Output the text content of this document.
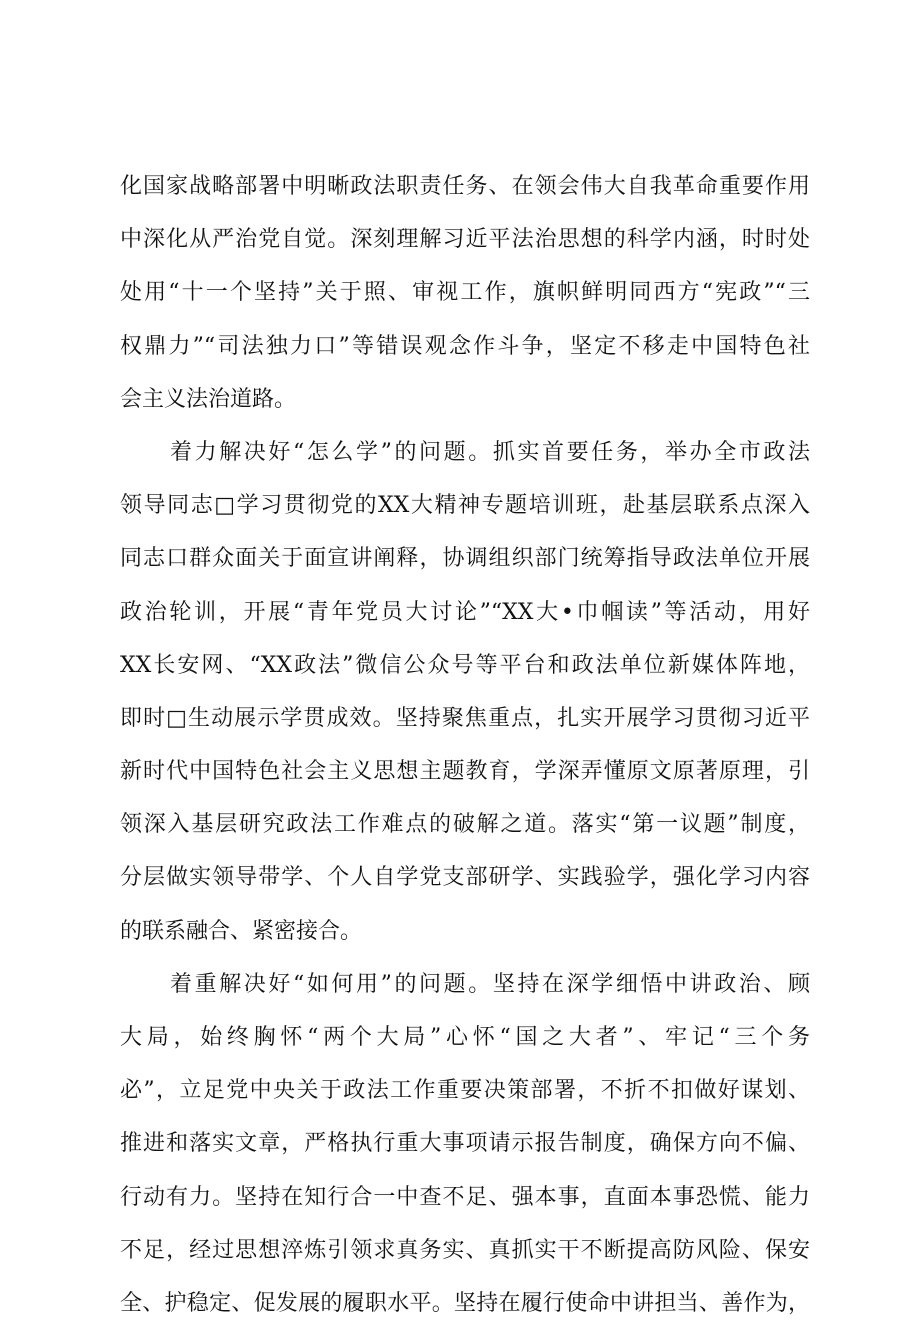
化国家战略部署中明晰政法职责任务、在领会伟大自我革命重要作用
中深化从严治党自觉。深刻理解习近平法治思想的科学内涵，时时处
处用“十一个坚持”关于照、审视工作，旗帜鲜明同西方“宪政”“三
权鼎力”“司法独力口”等错误观念作斗争，坚定不移走中国特色社
会主义法治道路。
着力解决好“怎么学”的问题。抓实首要任务，举办全市政法
领导同志□学习贯彻党的XX大精神专题培训班，赴基层联系点深入
同志口群众面关于面宣讲阐释，协调组织部门统筹指导政法单位开展
政治轮训，开展“青年党员大讨论”“XX大•巾帼读”等活动，用好
XX长安网、“XX政法”微信公众号等平台和政法单位新媒体阵地，
即时□生动展示学贯成效。坚持聚焦重点，扎实开展学习贯彻习近平
新时代中国特色社会主义思想主题教育，学深弄懂原文原著原理，引
领深入基层研究政法工作难点的破解之道。落实“第一议题”制度，
分层做实领导带学、个人自学党支部研学、实践验学，强化学习内容
的联系融合、紧密接合。
着重解决好“如何用”的问题。坚持在深学细悟中讲政治、顾
大局，始终胸怀“两个大局”心怀“国之大者”、牢记“三个务
必”，立足党中央关于政法工作重要决策部署，不折不扣做好谋划、
推进和落实文章，严格执行重大事项请示报告制度，确保方向不偏、
行动有力。坚持在知行合一中查不足、强本事，直面本事恐慌、能力
不足，经过思想淬炼引领求真务实、真抓实干不断提高防风险、保安
全、护稳定、促发展的履职水平。坚持在履行使命中讲担当、善作为，
